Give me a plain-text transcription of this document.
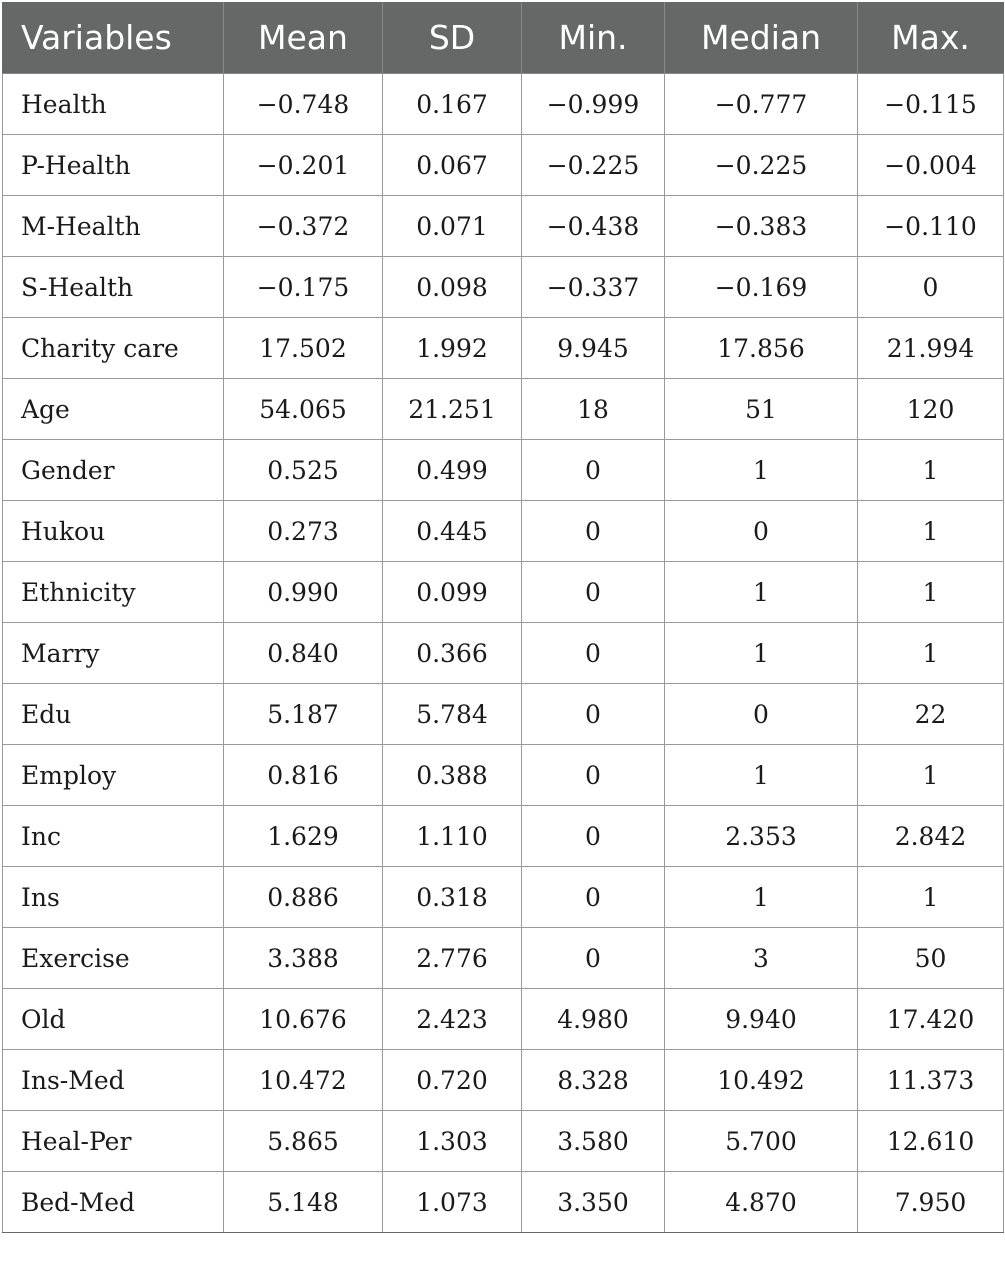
Variables	Mean	SD	Min.	Median	Max.
Health	−0.748	0.167	−0.999	−0.777	−0.115
P-Health	−0.201	0.067	−0.225	−0.225	−0.004
M-Health	−0.372	0.071	−0.438	−0.383	−0.110
S-Health	−0.175	0.098	−0.337	−0.169	0
Charity care	17.502	1.992	9.945	17.856	21.994
Age	54.065	21.251	18	51	120
Gender	0.525	0.499	0	1	1
Hukou	0.273	0.445	0	0	1
Ethnicity	0.990	0.099	0	1	1
Marry	0.840	0.366	0	1	1
Edu	5.187	5.784	0	0	22
Employ	0.816	0.388	0	1	1
Inc	1.629	1.110	0	2.353	2.842
Ins	0.886	0.318	0	1	1
Exercise	3.388	2.776	0	3	50
Old	10.676	2.423	4.980	9.940	17.420
Ins-Med	10.472	0.720	8.328	10.492	11.373
Heal-Per	5.865	1.303	3.580	5.700	12.610
Bed-Med	5.148	1.073	3.350	4.870	7.950
